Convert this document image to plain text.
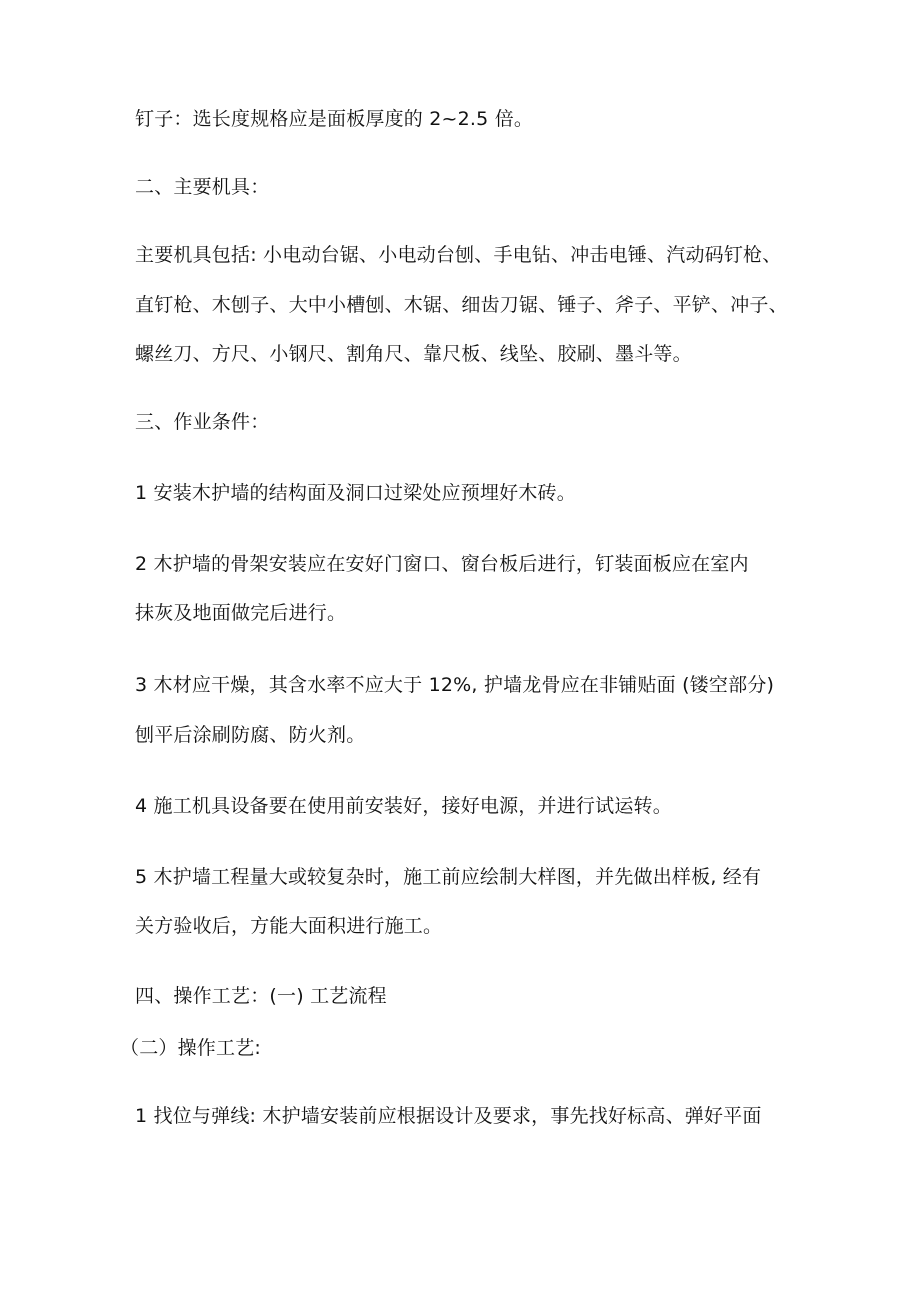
钉子：选长度规格应是面板厚度的 2~2.5 倍。
二、主要机具：
主要机具包括: 小电动台锯、小电动台刨、手电钻、冲击电锤、汽动码钉枪、
直钉枪、木刨子、大中小槽刨、木锯、细齿刀锯、锤子、斧子、平铲、冲子、
螺丝刀、方尺、小钢尺、割角尺、靠尺板、线坠、胶刷、墨斗等。
三、作业条件：
1 安装木护墙的结构面及洞口过梁处应预埋好木砖。
2 木护墙的骨架安装应在安好门窗口、窗台板后进行，钉装面板应在室内
抹灰及地面做完后进行。
3 木材应干燥，其含水率不应大于 12%, 护墙龙骨应在非铺贴面 (镂空部分)
刨平后涂刷防腐、防火剂。
4 施工机具设备要在使用前安装好，接好电源，并进行试运转。
5 木护墙工程量大或较复杂时，施工前应绘制大样图，并先做出样板, 经有
关方验收后，方能大面积进行施工。
四、操作工艺：(一) 工艺流程
（二）操作工艺:
1 找位与弹线: 木护墙安装前应根据设计及要求，事先找好标高、弹好平面
